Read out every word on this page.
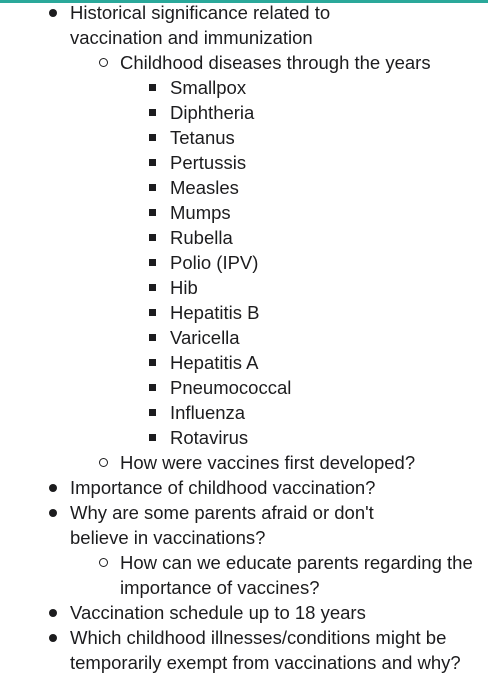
Historical significance related to vaccination and immunization
Childhood diseases through the years
Smallpox
Diphtheria
Tetanus
Pertussis
Measles
Mumps
Rubella
Polio (IPV)
Hib
Hepatitis B
Varicella
Hepatitis A
Pneumococcal
Influenza
Rotavirus
How were vaccines first developed?
Importance of childhood vaccination?
Why are some parents afraid or don't believe in vaccinations?
How can we educate parents regarding the importance of vaccines?
Vaccination schedule up to 18 years
Which childhood illnesses/conditions might be temporarily exempt from vaccinations and why?
